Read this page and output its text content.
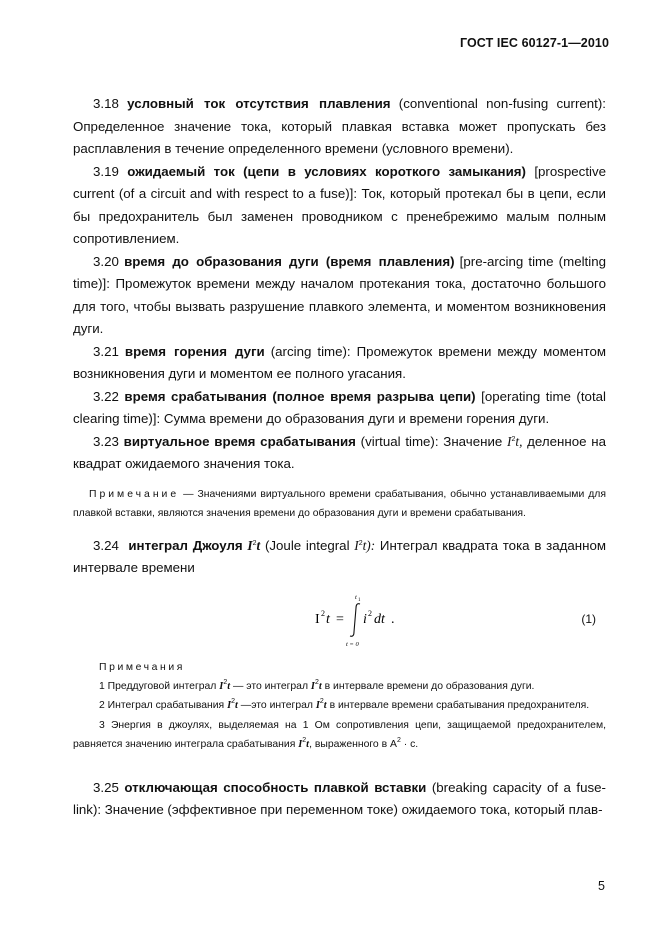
ГОСТ IEC 60127-1—2010

3.18 условный ток отсутствия плавления (conventional non-fusing current): Определенное значение тока, который плавкая вставка может пропускать без расплавления в течение определенного времени (условного времени).

3.19 ожидаемый ток (цепи в условиях короткого замыкания) [prospective current (of a circuit and with respect to a fuse)]: Ток, который протекал бы в цепи, если бы предохранитель был заменен проводником с пренебрежимо малым полным сопротивлением.

3.20 время до образования дуги (время плавления) [pre-arcing time (melting time)]: Промежуток времени между началом протекания тока, достаточно большого для того, чтобы вызвать разрушение плавкого элемента, и моментом возникновения дуги.

3.21 время горения дуги (arcing time): Промежуток времени между моментом возникновения дуги и моментом ее полного угасания.

3.22 время срабатывания (полное время разрыва цепи) [operating time (total clearing time)]: Сумма времени до образования дуги и времени горения дуги.

3.23 виртуальное время срабатывания (virtual time): Значение $I^2t$, деленное на квадрат ожидаемого значения тока.

Примечание — Значениями виртуального времени срабатывания, обычно устанавливаемыми для плавкой вставки, являются значения времени до образования дуги и времени срабатывания.

3.24 интеграл Джоуля $I^2t$ (Joule integral $I^2t$): Интеграл квадрата тока в заданном интервале времени

I 2 t =
t 1
t = 0
i 2 dt .	(1)

Примечания

1 Преддуговой интеграл $I^2t$ — это интеграл $I^2t$ в интервале времени до образования дуги.

2 Интеграл срабатывания $I^2t$ —это интеграл $I^2t$ в интервале времени срабатывания предохранителя.

3 Энергия в джоулях, выделяемая на 1 Ом сопротивления цепи, защищаемой предохранителем, равняется значению интеграла срабатывания $I^2t$, выраженного в $А^2 \cdot с$.

3.25 отключающая способность плавкой вставки (breaking capacity of a fuse-link): Значение (эффективное при переменном токе) ожидаемого тока, который плав-

5
